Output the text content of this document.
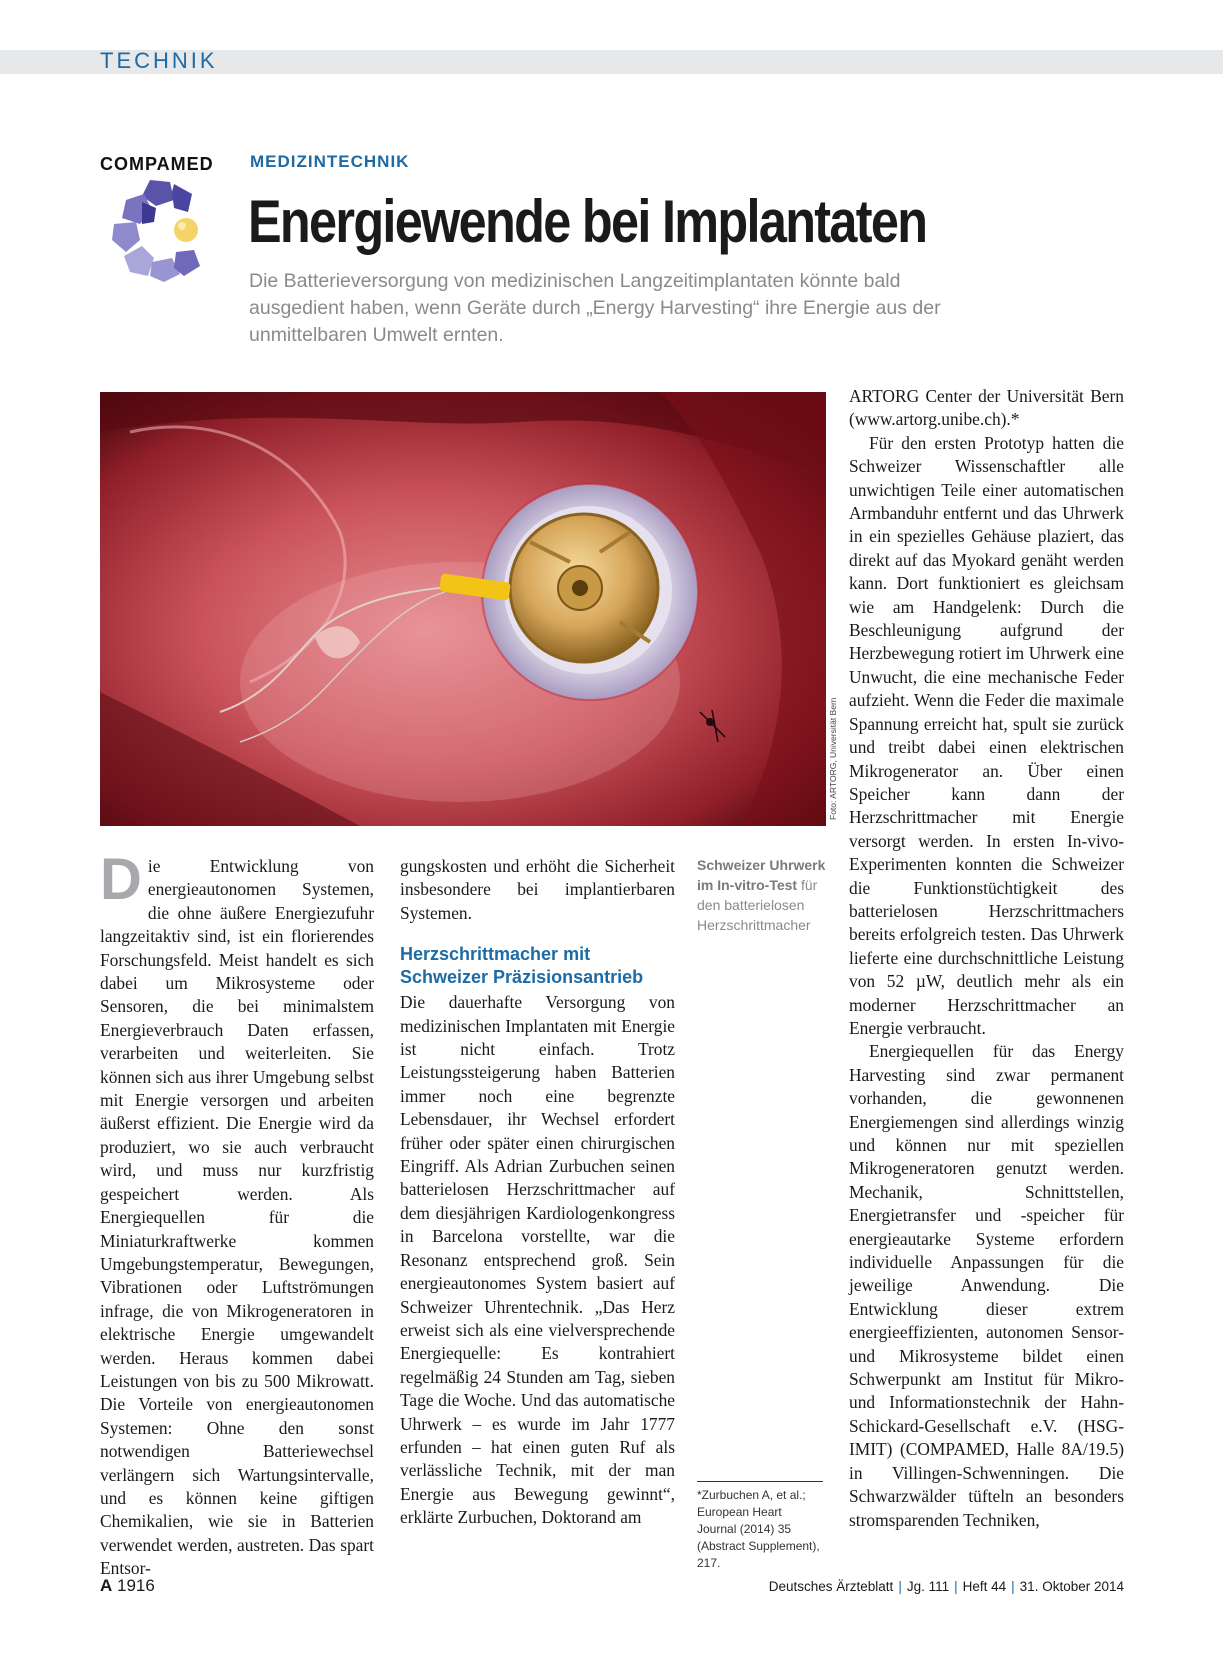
TECHNIK
COMPAMED MEDIZINTECHNIK
Energiewende bei Implantaten
Die Batterieversorgung von medizinischen Langzeitimplantaten könnte bald ausgedient haben, wenn Geräte durch „Energy Harvesting“ ihre Energie aus der unmittelbaren Umwelt ernten.
Foto: ARTORG, Universität Bern

Die Entwicklung von energieautonomen Systemen, die ohne äußere Energiezufuhr langzeitaktiv sind, ist ein florierendes Forschungsfeld. Meist handelt es sich dabei um Mikrosysteme oder Sensoren, die bei minimalstem Energieverbrauch Daten erfassen, verarbeiten und weiterleiten. Sie können sich aus ihrer Umgebung selbst mit Energie versorgen und arbeiten äußerst effizient. Die Energie wird da produziert, wo sie auch verbraucht wird, und muss nur kurzfristig gespeichert werden. Als Energiequellen für die Miniaturkraftwerke kommen Umgebungstemperatur, Bewegungen, Vibrationen oder Luftströmungen infrage, die von Mikrogeneratoren in elektrische Energie umgewandelt werden. Heraus kommen dabei Leistungen von bis zu 500 Mikrowatt. Die Vorteile von energieautonomen Systemen: Ohne den sonst notwendigen Batteriewechsel verlängern sich Wartungsintervalle, und es können keine giftigen Chemikalien, wie sie in Batterien verwendet werden, austreten. Das spart Entsor-

gungskosten und erhöht die Sicherheit insbesondere bei implantierbaren Systemen.

Herzschrittmacher mit Schweizer Präzisionsantrieb

Die dauerhafte Versorgung von medizinischen Implantaten mit Energie ist nicht einfach. Trotz Leistungssteigerung haben Batterien immer noch eine begrenzte Lebensdauer, ihr Wechsel erfordert früher oder später einen chirurgischen Eingriff. Als Adrian Zurbuchen seinen batterielosen Herzschrittmacher auf dem diesjährigen Kardiologenkongress in Barcelona vorstellte, war die Resonanz entsprechend groß. Sein energieautonomes System basiert auf Schweizer Uhrentechnik. „Das Herz erweist sich als eine vielversprechende Energiequelle: Es kontrahiert regelmäßig 24 Stunden am Tag, sieben Tage die Woche. Und das automatische Uhrwerk – es wurde im Jahr 1777 erfunden – hat einen guten Ruf als verlässliche Technik, mit der man Energie aus Bewegung gewinnt“, erklärte Zurbuchen, Doktorand am

Schweizer Uhrwerk im In-vitro-Test für den batterielosen Herzschrittmacher
*Zurbuchen A, et al.; European Heart Journal (2014) 35 (Abstract Supplement), 217.

ARTORG Center der Universität Bern (www.artorg.unibe.ch).*

Für den ersten Prototyp hatten die Schweizer Wissenschaftler alle unwichtigen Teile einer automatischen Armbanduhr entfernt und das Uhrwerk in ein spezielles Gehäuse plaziert, das direkt auf das Myokard genäht werden kann. Dort funktioniert es gleichsam wie am Handgelenk: Durch die Beschleunigung aufgrund der Herzbewegung rotiert im Uhrwerk eine Unwucht, die eine mechanische Feder aufzieht. Wenn die Feder die maximale Spannung erreicht hat, spult sie zurück und treibt dabei einen elektrischen Mikrogenerator an. Über einen Speicher kann dann der Herzschrittmacher mit Energie versorgt werden. In ersten In-vivo-Experimenten konnten die Schweizer die Funktionstüchtigkeit des batterielosen Herzschrittmachers bereits erfolgreich testen. Das Uhrwerk lieferte eine durchschnittliche Leistung von 52 µW, deutlich mehr als ein moderner Herzschrittmacher an Energie verbraucht.

Energiequellen für das Energy Harvesting sind zwar permanent vorhanden, die gewonnenen Energiemengen sind allerdings winzig und können nur mit speziellen Mikrogeneratoren genutzt werden. Mechanik, Schnittstellen, Energietransfer und -speicher für energieautarke Systeme erfordern individuelle Anpassungen für die jeweilige Anwendung. Die Entwicklung dieser extrem energieeffizienten, autonomen Sensor- und Mikrosysteme bildet einen Schwerpunkt am Institut für Mikro- und Informationstechnik der Hahn-Schickard-Gesellschaft e.V. (HSG-IMIT) (COMPAMED, Halle 8A/19.5) in Villingen-Schwenningen. Die Schwarzwälder tüfteln an besonders stromsparenden Techniken,

A 1916	Deutsches Ärzteblatt | Jg. 111 | Heft 44 | 31. Oktober 2014
